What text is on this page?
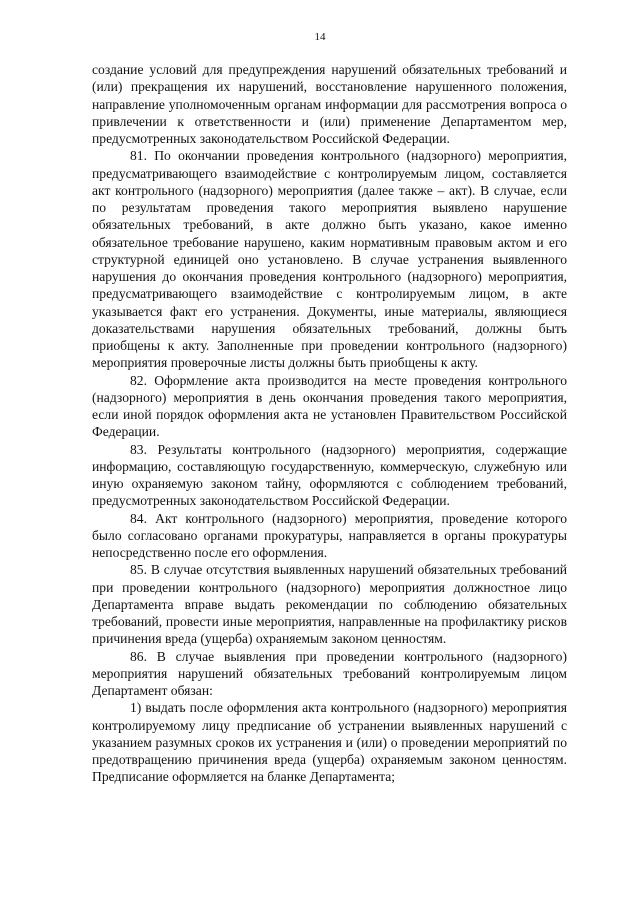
14

создание условий для предупреждения нарушений обязательных требований и (или) прекращения их нарушений, восстановление нарушенного положения, направление уполномоченным органам информации для рассмотрения вопроса о привлечении к ответственности и (или) применение Департаментом мер, предусмотренных законодательством Российской Федерации.

81. По окончании проведения контрольного (надзорного) мероприятия, предусматривающего взаимодействие с контролируемым лицом, составляется акт контрольного (надзорного) мероприятия (далее также – акт). В случае, если по результатам проведения такого мероприятия выявлено нарушение обязательных требований, в акте должно быть указано, какое именно обязательное требование нарушено, каким нормативным правовым актом и его структурной единицей оно установлено. В случае устранения выявленного нарушения до окончания проведения контрольного (надзорного) мероприятия, предусматривающего взаимодействие с контролируемым лицом, в акте указывается факт его устранения. Документы, иные материалы, являющиеся доказательствами нарушения обязательных требований, должны быть приобщены к акту. Заполненные при проведении контрольного (надзорного) мероприятия проверочные листы должны быть приобщены к акту.

82. Оформление акта производится на месте проведения контрольного (надзорного) мероприятия в день окончания проведения такого мероприятия, если иной порядок оформления акта не установлен Правительством Российской Федерации.

83. Результаты контрольного (надзорного) мероприятия, содержащие информацию, составляющую государственную, коммерческую, служебную или иную охраняемую законом тайну, оформляются с соблюдением требований, предусмотренных законодательством Российской Федерации.

84. Акт контрольного (надзорного) мероприятия, проведение которого было согласовано органами прокуратуры, направляется в органы прокуратуры непосредственно после его оформления.

85. В случае отсутствия выявленных нарушений обязательных требований при проведении контрольного (надзорного) мероприятия должностное лицо Департамента вправе выдать рекомендации по соблюдению обязательных требований, провести иные мероприятия, направленные на профилактику рисков причинения вреда (ущерба) охраняемым законом ценностям.

86. В случае выявления при проведении контрольного (надзорного) мероприятия нарушений обязательных требований контролируемым лицом Департамент обязан:

1) выдать после оформления акта контрольного (надзорного) мероприятия контролируемому лицу предписание об устранении выявленных нарушений с указанием разумных сроков их устранения и (или) о проведении мероприятий по предотвращению причинения вреда (ущерба) охраняемым законом ценностям. Предписание оформляется на бланке Департамента;
